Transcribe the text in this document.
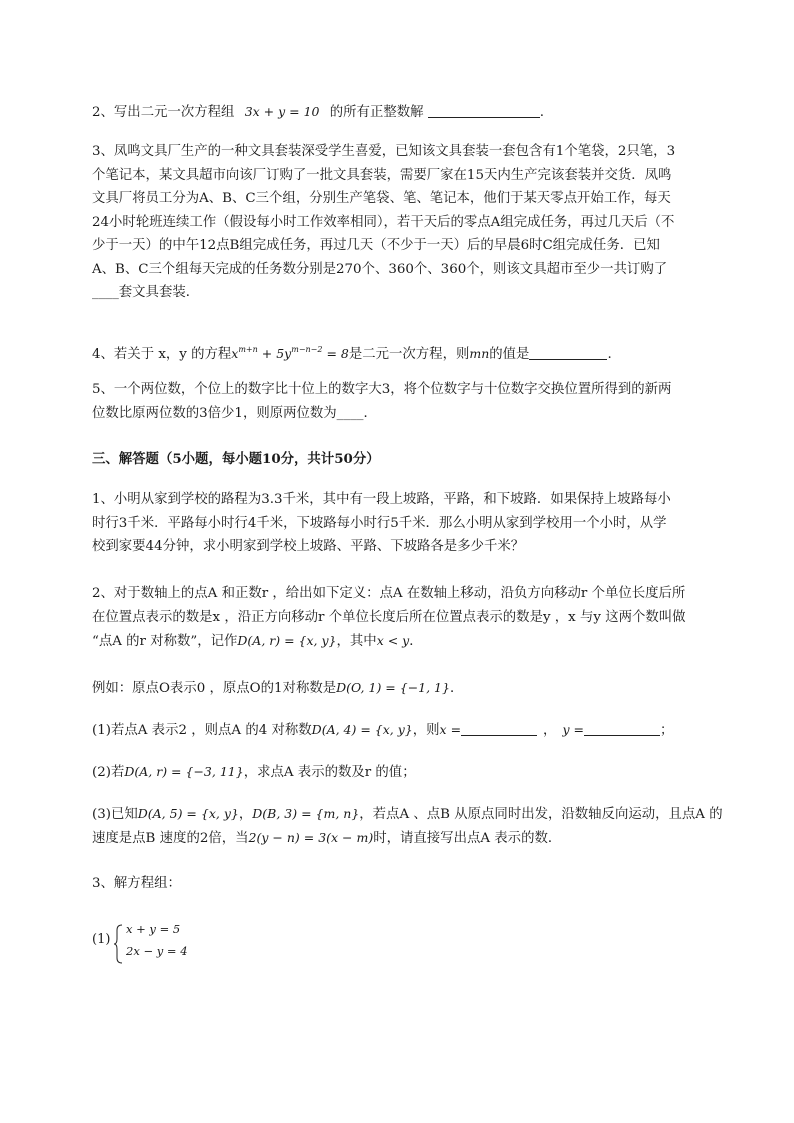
2、写出二元一次方程组 3x + y = 10 的所有正整数解	.
3、凤鸣文具厂生产的一种文具套装深受学生喜爱，已知该文具套装一套包含有1个笔袋，2只笔，3
个笔记本，某文具超市向该厂订购了一批文具套装，需要厂家在15天内生产完该套装并交货．凤鸣
文具厂将员工分为A、B、C三个组，分别生产笔袋、笔、笔记本，他们于某天零点开始工作，每天
24小时轮班连续工作（假设每小时工作效率相同），若干天后的零点A组完成任务，再过几天后（不
少于一天）的中午12点B组完成任务，再过几天（不少于一天）后的早晨6时C组完成任务．已知
A、B、C三个组每天完成的任务数分别是270个、360个、360个，则该文具超市至少一共订购了
____套文具套装．
4、若关于 x，y 的方程$x^{m+n} + 5y^{m-n-2} = 8$是二元一次方程，则mn的值是	.
5、一个两位数，个位上的数字比十位上的数字大3，将个位数字与十位数字交换位置所得到的新两
位数比原两位数的3倍少1，则原两位数为____．
三、解答题（5小题，每小题10分，共计50分）
1、小明从家到学校的路程为3.3千米，其中有一段上坡路，平路，和下坡路．如果保持上坡路每小
时行3千米．平路每小时行4千米，下坡路每小时行5千米．那么小明从家到学校用一个小时，从学
校到家要44分钟，求小明家到学校上坡路、平路、下坡路各是多少千米？
2、对于数轴上的点A 和正数r ，给出如下定义：点A 在数轴上移动，沿负方向移动r 个单位长度后所
在位置点表示的数是x ，沿正方向移动r 个单位长度后所在位置点表示的数是y ，x 与y 这两个数叫做
“点A 的r 对称数”，记作D(A, r) = {x, y}，其中x < y．
例如：原点O表示0 ，原点O的1对称数是D(O, 1) = {−1, 1}．
(1)若点A 表示2 ，则点A 的4 对称数D(A, 4) = {x, y}，则x =	， y =	；
(2)若D(A, r) = {−3, 11}，求点A 表示的数及r 的值；
(3)已知D(A, 5) = {x, y}，D(B, 3) = {m, n}，若点A 、点B 从原点同时出发，沿数轴反向运动，且点A 的
速度是点B 速度的2倍，当2(y − n) = 3(x − m)时，请直接写出点A 表示的数．
3、解方程组：
(1)
x + y = 5
2x − y = 4
